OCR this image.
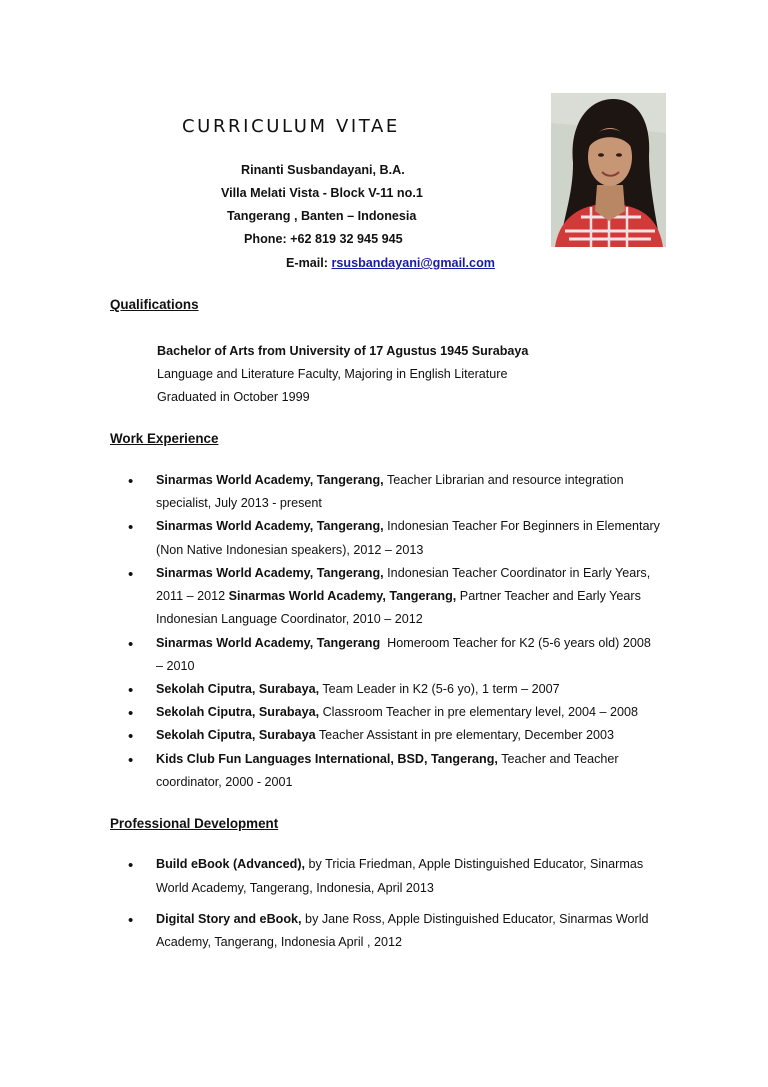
CURRICULUM VITAE
Rinanti Susbandayani, B.A.
Villa Melati Vista - Block V-11 no.1
Tangerang , Banten – Indonesia
Phone: +62 819 32 945 945
E-mail: rsusbandayani@gmail.com
Qualifications
Bachelor of Arts from University of 17 Agustus 1945 Surabaya
Language and Literature Faculty, Majoring in English Literature
Graduated in October 1999
Work Experience
• Sinarmas World Academy, Tangerang, Teacher Librarian and resource integration
specialist, July 2013 - present
• Sinarmas World Academy, Tangerang, Indonesian Teacher For Beginners in Elementary
(Non Native Indonesian speakers), 2012 – 2013
• Sinarmas World Academy, Tangerang, Indonesian Teacher Coordinator in Early Years,
2011 – 2012 Sinarmas World Academy, Tangerang, Partner Teacher and Early Years
Indonesian Language Coordinator, 2010 – 2012
• Sinarmas World Academy, Tangerang  Homeroom Teacher for K2 (5-6 years old) 2008
– 2010
• Sekolah Ciputra, Surabaya, Team Leader in K2 (5-6 yo), 1 term – 2007
• Sekolah Ciputra, Surabaya, Classroom Teacher in pre elementary level, 2004 – 2008
• Sekolah Ciputra, Surabaya Teacher Assistant in pre elementary, December 2003
• Kids Club Fun Languages International, BSD, Tangerang, Teacher and Teacher
coordinator, 2000 - 2001
Professional Development
• Build eBook (Advanced), by Tricia Friedman, Apple Distinguished Educator, Sinarmas
World Academy, Tangerang, Indonesia, April 2013
• Digital Story and eBook, by Jane Ross, Apple Distinguished Educator, Sinarmas World
Academy, Tangerang, Indonesia April , 2012
